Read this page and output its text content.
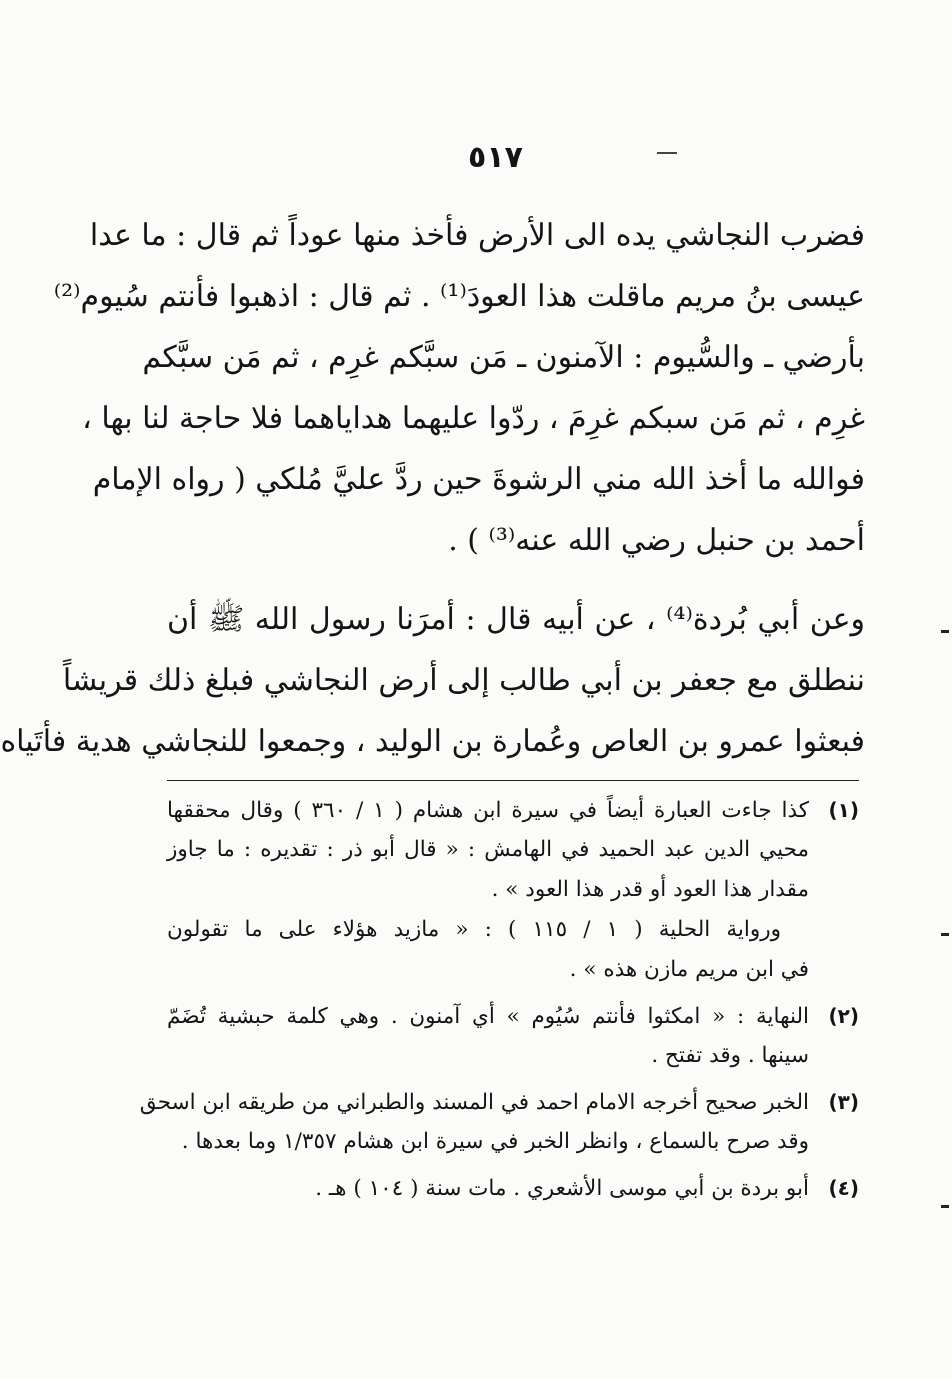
٥١٧
فضرب النجاشي يده الى الأرض فأخذ منها عوداً ثم قال : ما عدا
عيسى بنُ مريم ماقلت هذا العودَ⁽¹⁾ . ثم قال : اذهبوا فأنتم سُيوم⁽²⁾
بأرضي ـ والسُّيوم : الآمنون ـ مَن سبَّكم غرِم ، ثم مَن سبَّكم
غرِم ، ثم مَن سبكم غرِمَ ، ردّوا عليهما هداياهما فلا حاجة لنا بها ،
فوالله ما أخذ الله مني الرشوةَ حين ردَّ عليَّ مُلكي ( رواه الإمام
أحمد بن حنبل رضي الله عنه⁽³⁾ ) .
وعن أبي بُردة⁽⁴⁾ ، عن أبيه قال : أمرَنا رسول الله ﷺ أن
ننطلق مع جعفر بن أبي طالب إلى أرض النجاشي فبلغ ذلك قريشاً
فبعثوا عمرو بن العاص وعُمارة بن الوليد ، وجمعوا للنجاشي هدية فأتَياه
(١)
كذا جاءت العبارة أيضاً في سيرة ابن هشام ( ١ / ٣٦٠ ) وقال محققها
محيي الدين عبد الحميد في الهامش : « قال أبو ذر : تقديره : ما جاوز
مقدار هذا العود أو قدر هذا العود » .
ورواية الحلية ( ١ / ١١٥ ) : « مازيد هؤلاء على ما تقولون
في ابن مريم مازن هذه » .
(٢)
النهاية : « امكثوا فأنتم سُيُوم » أي آمنون . وهي كلمة حبشية تُضَمّ
سينها . وقد تفتح .
(٣)
الخبر صحيح أخرجه الامام احمد في المسند والطبراني من طريقه ابن اسحق
وقد صرح بالسماع ، وانظر الخبر في سيرة ابن هشام ١/٣٥٧ وما بعدها .
(٤)
أبو بردة بن أبي موسى الأشعري . مات سنة ( ١٠٤ ) هـ .
